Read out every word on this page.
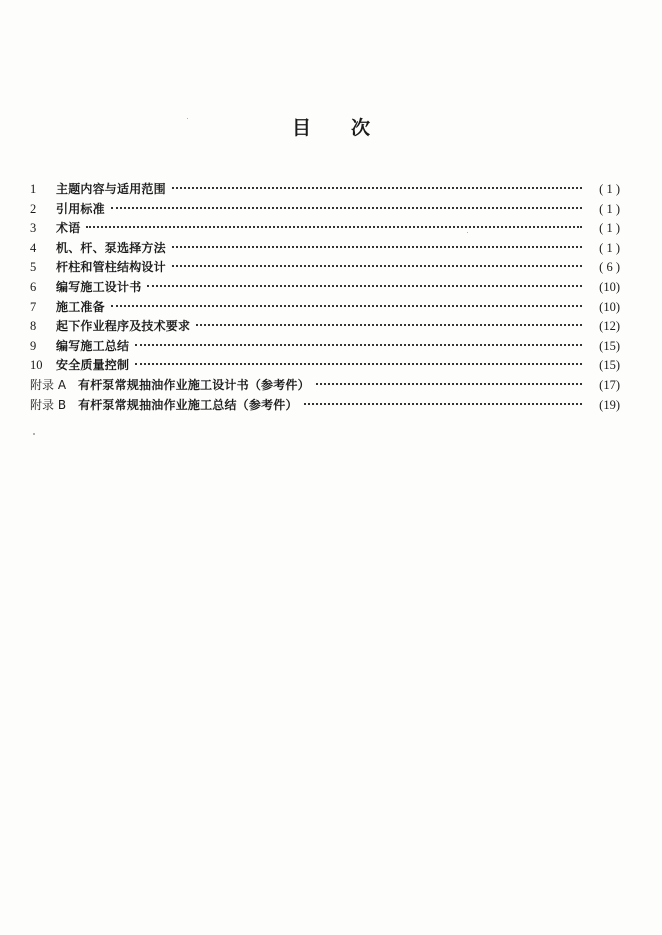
目 次
1	主题内容与适用范围	( 1 )
2	引用标准	( 1 )
3	术语	( 1 )
4	机、杆、泵选择方法	( 1 )
5	杆柱和管柱结构设计	( 6 )
6	编写施工设计书	(10)
7	施工准备	(10)
8	起下作业程序及技术要求	(12)
9	编写施工总结	(15)
10	安全质量控制	(15)
附录 A 有杆泵常规抽油作业施工设计书（参考件）	(17)
附录 B 有杆泵常规抽油作业施工总结（参考件）	(19)
